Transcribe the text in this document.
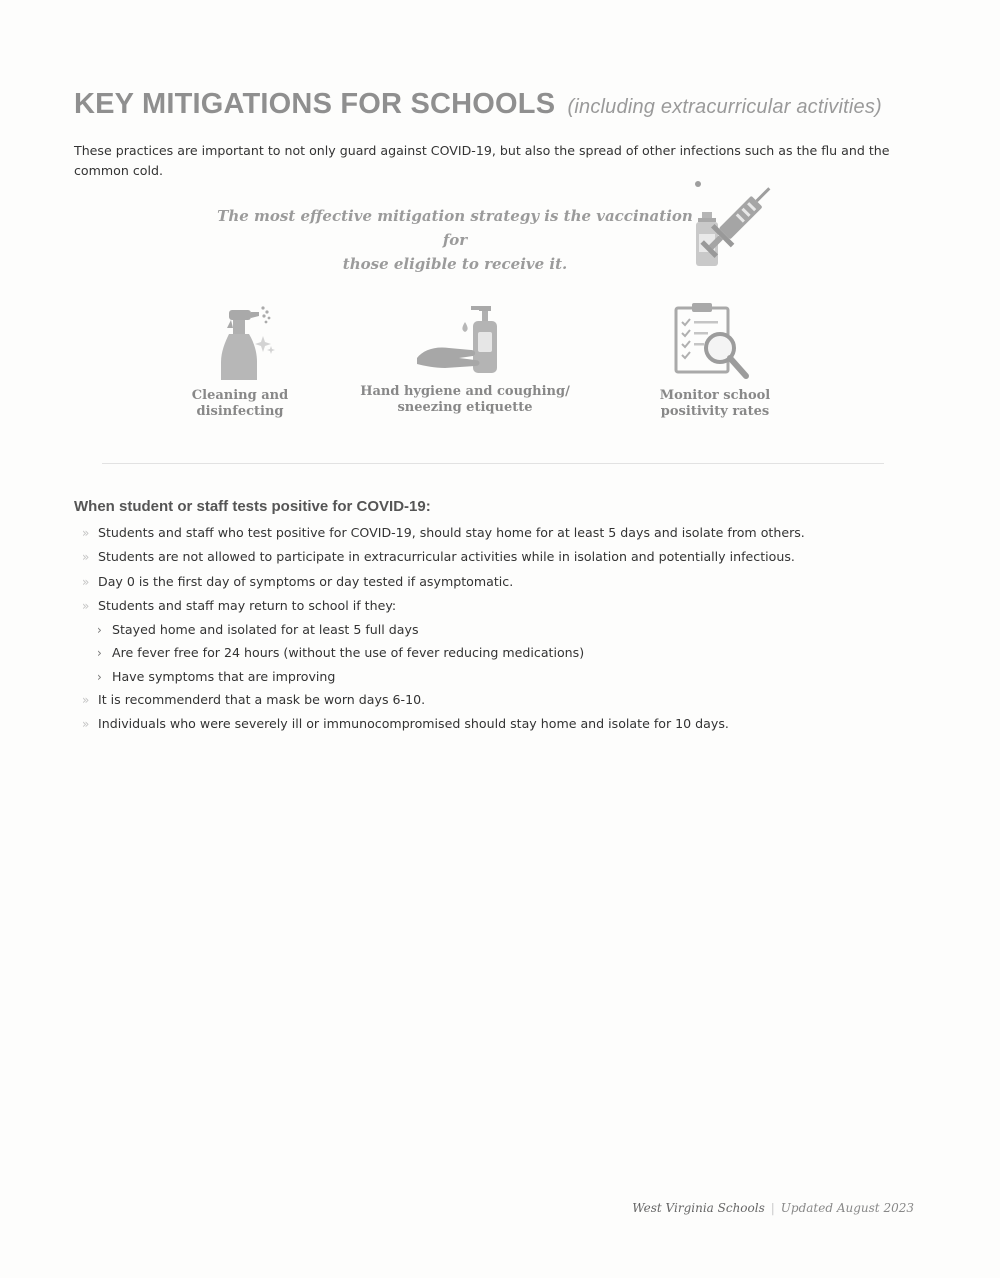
KEY MITIGATIONS FOR SCHOOLS (including extracurricular activities)
These practices are important to not only guard against COVID-19, but also the spread of other infections such as the flu and the common cold.
The most effective mitigation strategy is the vaccination for
those eligible to receive it.
Cleaning and
disinfecting
Hand hygiene and coughing/
sneezing etiquette
Monitor school
positivity rates
When student or staff tests positive for COVID-19:
» Students and staff who test positive for COVID-19, should stay home for at least 5 days and isolate from others.
» Students are not allowed to participate in extracurricular activities while in isolation and potentially infectious.
» Day 0 is the first day of symptoms or day tested if asymptomatic.
» Students and staff may return to school if they:
› Stayed home and isolated for at least 5 full days
› Are fever free for 24 hours (without the use of fever reducing medications)
› Have symptoms that are improving
» It is recommenderd that a mask be worn days 6-10.
» Individuals who were severely ill or immunocompromised should stay home and isolate for 10 days.
West Virginia Schools | Updated August 2023
